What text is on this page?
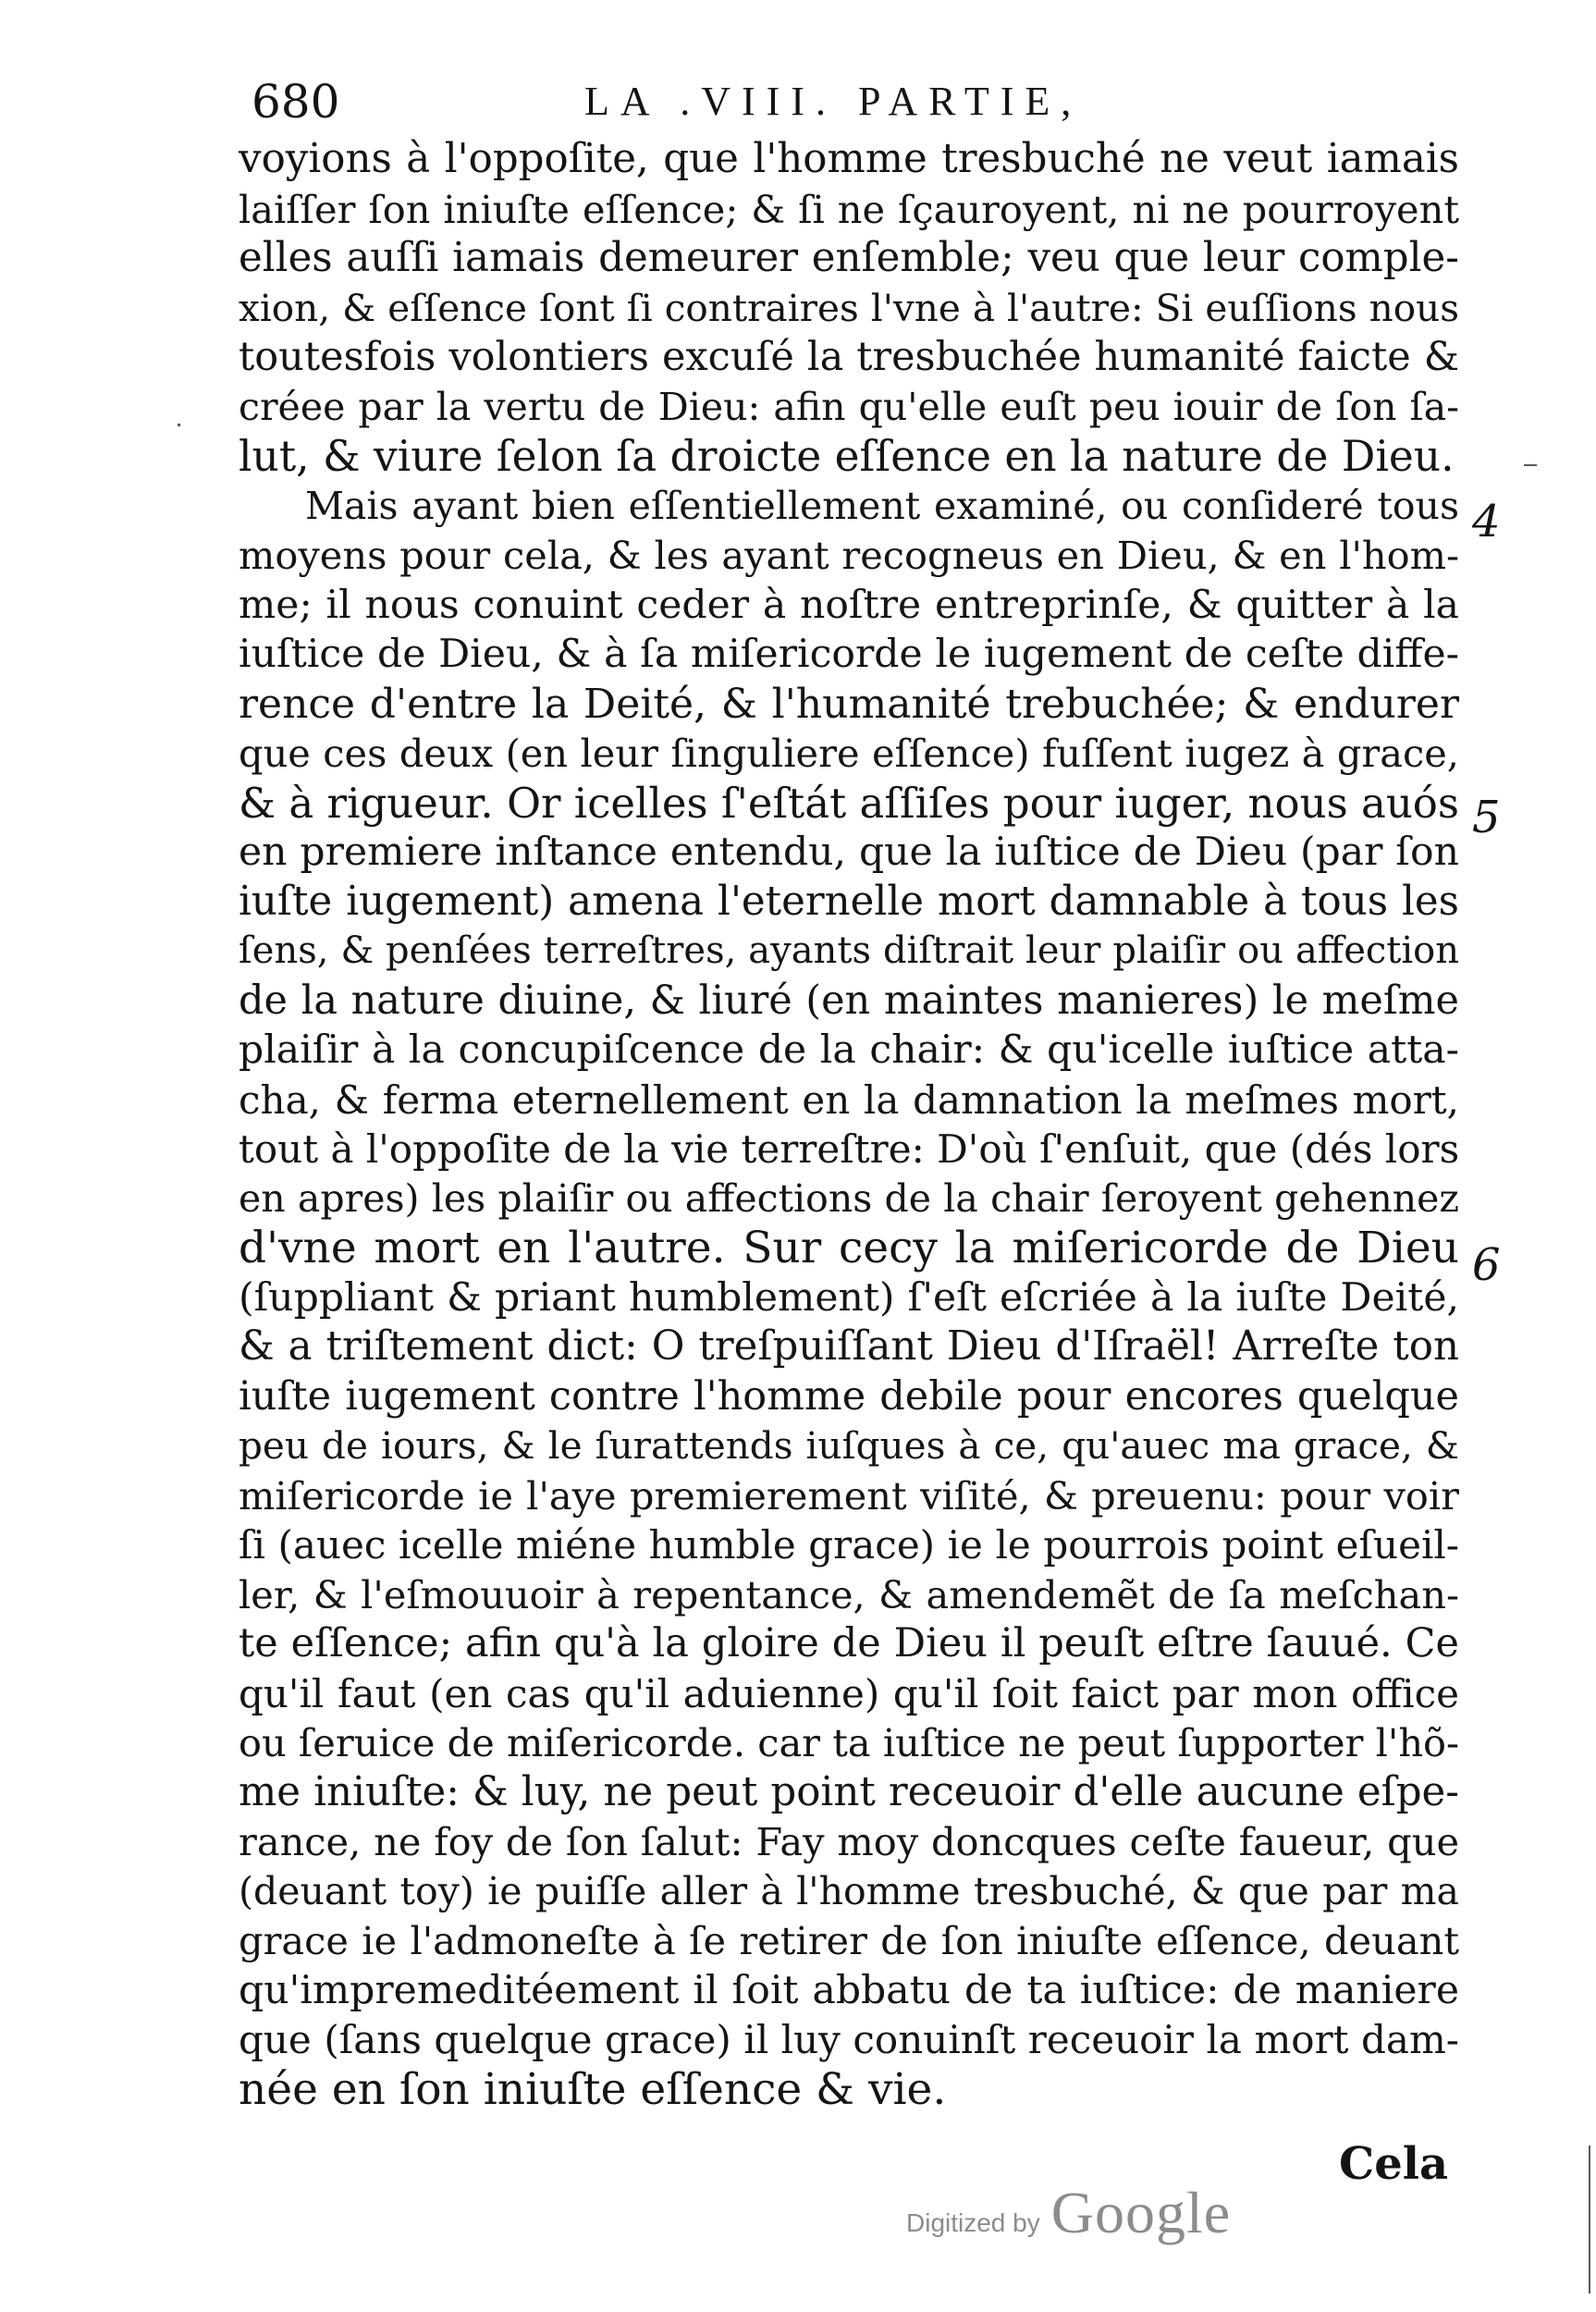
680	LA .VIII. PARTIE,
voyions à l'oppoſite, que l'homme tresbuché ne veut iamais
laiſſer ſon iniuſte eſſence; & ſi ne ſçauroyent, ni ne pourroyent
elles auſſi iamais demeurer enſemble; veu que leur comple-
xion, & eſſence ſont ſi contraires l'vne à l'autre: Si euſſions nous
toutesfois volontiers excuſé la tresbuchée humanité faicte &
créee par la vertu de Dieu: afin qu'elle euſt peu iouir de ſon ſa-
lut, & viure ſelon ſa droicte eſſence en la nature de Dieu.
Mais ayant bien eſſentiellement examiné, ou conſideré tous
moyens pour cela, & les ayant recogneus en Dieu, & en l'hom-
me; il nous conuint ceder à noſtre entreprinſe, & quitter à la
iuſtice de Dieu, & à ſa miſericorde le iugement de ceſte diffe-
rence d'entre la Deité, & l'humanité trebuchée; & endurer
que ces deux (en leur ſinguliere eſſence) fuſſent iugez à grace,
& à rigueur. Or icelles ſ'eſtát aſſiſes pour iuger, nous auós
en premiere inſtance entendu, que la iuſtice de Dieu (par ſon
iuſte iugement) amena l'eternelle mort damnable à tous les
ſens, & penſées terreſtres, ayants diſtrait leur plaiſir ou affection
de la nature diuine, & liuré (en maintes manieres) le meſme
plaiſir à la concupiſcence de la chair: & qu'icelle iuſtice atta-
cha, & ferma eternellement en la damnation la meſmes mort,
tout à l'oppoſite de la vie terreſtre: D'où ſ'enſuit, que (dés lors
en apres) les plaiſir ou affections de la chair ſeroyent gehennez
d'vne mort en l'autre. Sur cecy la miſericorde de Dieu
(ſuppliant & priant humblement) ſ'eſt eſcriée à la iuſte Deité,
& a triſtement dict: O treſpuiſſant Dieu d'Iſraël! Arreſte ton
iuſte iugement contre l'homme debile pour encores quelque
peu de iours, & le ſurattends iuſques à ce, qu'auec ma grace, &
miſericorde ie l'aye premierement viſité, & preuenu: pour voir
ſi (auec icelle miéne humble grace) ie le pourrois point eſueil-
ler, & l'eſmouuoir à repentance, & amendemẽt de ſa meſchan-
te eſſence; afin qu'à la gloire de Dieu il peuſt eſtre ſauué. Ce
qu'il faut (en cas qu'il aduienne) qu'il ſoit faict par mon office
ou ſeruice de miſericorde. car ta iuſtice ne peut ſupporter l'hõ-
me iniuſte: & luy, ne peut point receuoir d'elle aucune eſpe-
rance, ne foy de ſon ſalut: Fay moy doncques ceſte faueur, que
(deuant toy) ie puiſſe aller à l'homme tresbuché, & que par ma
grace ie l'admoneſte à ſe retirer de ſon iniuſte eſſence, deuant
qu'impremeditéement il ſoit abbatu de ta iuſtice: de maniere
que (ſans quelque grace) il luy conuinſt receuoir la mort dam-
née en ſon iniuſte eſſence & vie.
4
5
6
Cela
Digitized by Google
